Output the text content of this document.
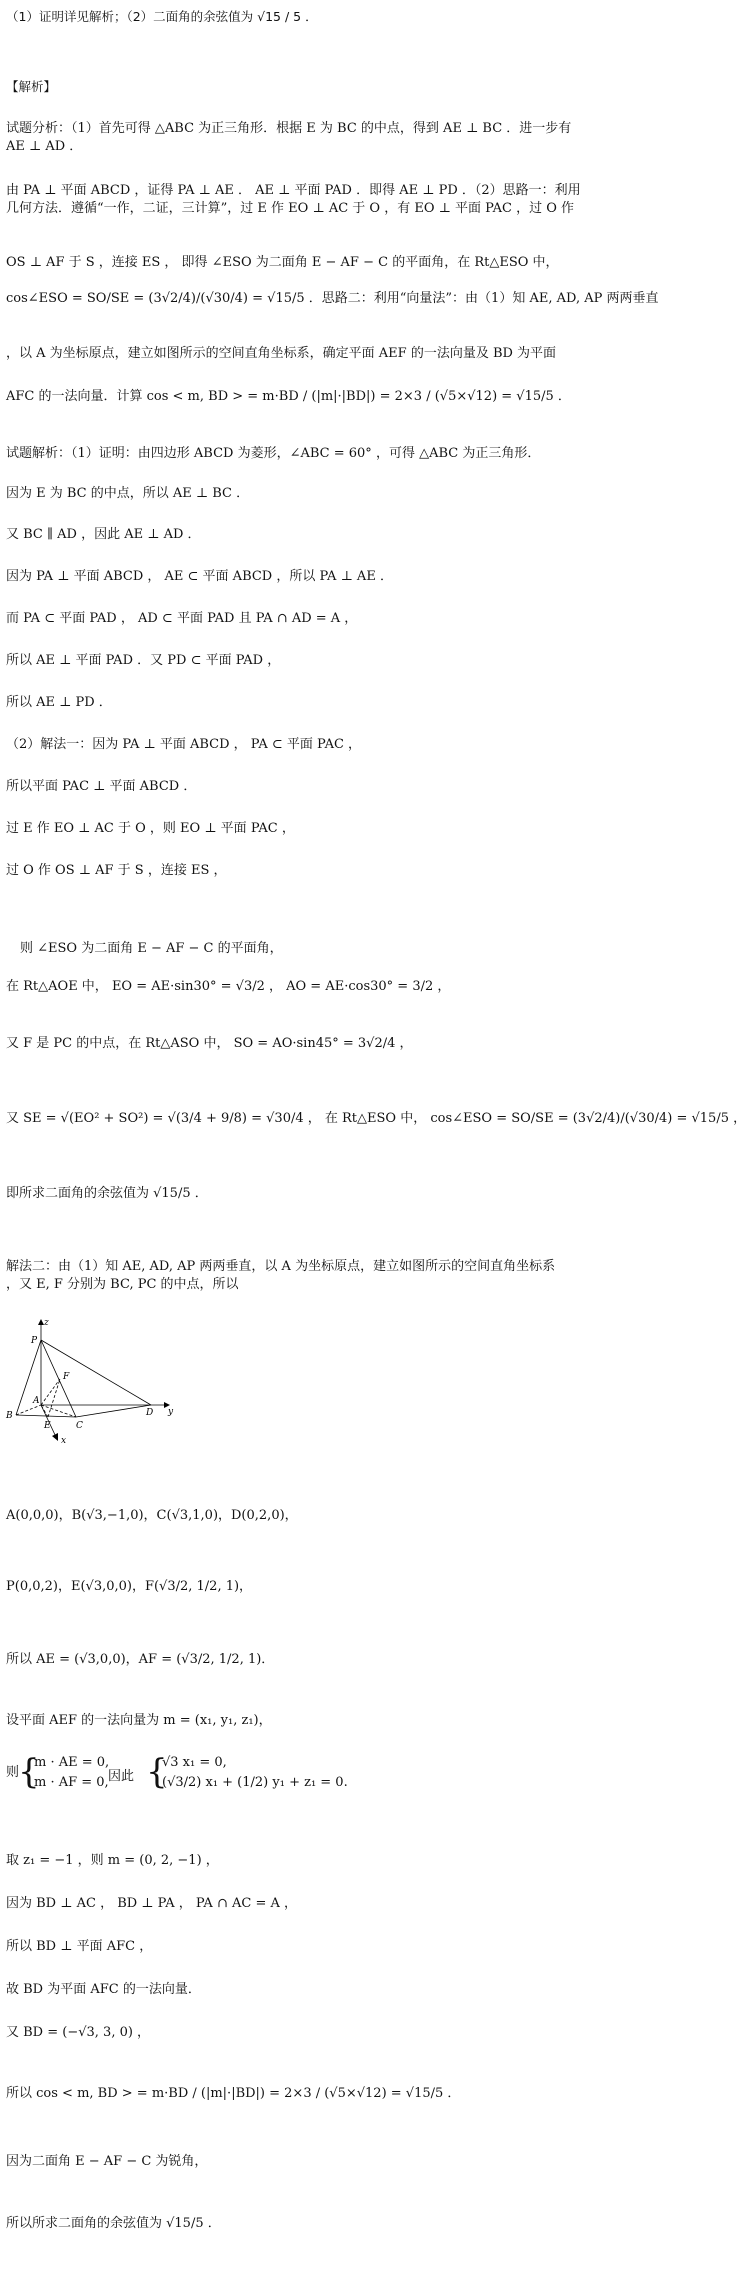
（1）证明详见解析；（2）二面角的余弦值为 √15 / 5 ．
【解析】
试题分析：（1）首先可得 △ABC 为正三角形．根据 E 为 BC 的中点，得到 AE ⊥ BC ．进一步有
AE ⊥ AD ．
由 PA ⊥ 平面 ABCD ，证得 PA ⊥ AE ． AE ⊥ 平面 PAD ．即得 AE ⊥ PD ．（2）思路一：利用
几何方法．遵循“一作，二证，三计算”，过 E 作 EO ⊥ AC 于 O ，有 EO ⊥ 平面 PAC ，过 O 作
OS ⊥ AF 于 S ，连接 ES ， 即得 ∠ESO 为二面角 E − AF − C 的平面角，在 Rt△ESO 中，
cos∠ESO = SO/SE = (3√2/4)/(√30/4) = √15/5 ．思路二：利用“向量法”：由（1）知 AE, AD, AP 两两垂直
，以 A 为坐标原点，建立如图所示的空间直角坐标系，确定平面 AEF 的一法向量及 BD 为平面
AFC 的一法向量．计算 cos < m, BD > = m·BD / (|m|·|BD|) = 2×3 / (√5×√12) = √15/5 ．
试题解析：（1）证明：由四边形 ABCD 为菱形，∠ABC = 60° ，可得 △ABC 为正三角形．
因为 E 为 BC 的中点，所以 AE ⊥ BC ．
又 BC ∥ AD ，因此 AE ⊥ AD ．
因为 PA ⊥ 平面 ABCD ， AE ⊂ 平面 ABCD ，所以 PA ⊥ AE ．
而 PA ⊂ 平面 PAD ， AD ⊂ 平面 PAD 且 PA ∩ AD = A ，
所以 AE ⊥ 平面 PAD ．又 PD ⊂ 平面 PAD ，
所以 AE ⊥ PD ．
（2）解法一：因为 PA ⊥ 平面 ABCD ， PA ⊂ 平面 PAC ，
所以平面 PAC ⊥ 平面 ABCD ．
过 E 作 EO ⊥ AC 于 O ，则 EO ⊥ 平面 PAC ，
过 O 作 OS ⊥ AF 于 S ，连接 ES ，
则 ∠ESO 为二面角 E − AF − C 的平面角，
在 Rt△AOE 中， EO = AE·sin30° = √3/2 ， AO = AE·cos30° = 3/2 ，
又 F 是 PC 的中点，在 Rt△ASO 中， SO = AO·sin45° = 3√2/4 ，
又 SE = √(EO² + SO²) = √(3/4 + 9/8) = √30/4 ， 在 Rt△ESO 中， cos∠ESO = SO/SE = (3√2/4)/(√30/4) = √15/5 ，
即所求二面角的余弦值为 √15/5 ．
解法二：由（1）知 AE, AD, AP 两两垂直，以 A 为坐标原点，建立如图所示的空间直角坐标系
，又 E, F 分别为 BC, PC 的中点，所以
z
P
F
A
B
E	C
D y
x
A(0,0,0)，B(√3,−1,0)，C(√3,1,0)，D(0,2,0)，
P(0,0,2)，E(√3,0,0)，F(√3/2, 1/2, 1)，
所以 AE = (√3,0,0)，AF = (√3/2, 1/2, 1)．
设平面 AEF 的一法向量为 m = (x₁, y₁, z₁)，
则
{
m · AE = 0,
m · AF = 0, 因此 {
√3 x₁ = 0,
(√3/2) x₁ + (1/2) y₁ + z₁ = 0.
取 z₁ = −1 ，则 m = (0, 2, −1) ，
因为 BD ⊥ AC ， BD ⊥ PA ， PA ∩ AC = A ，
所以 BD ⊥ 平面 AFC ，
故 BD 为平面 AFC 的一法向量．
又 BD = (−√3, 3, 0) ，
所以 cos < m, BD > = m·BD / (|m|·|BD|) = 2×3 / (√5×√12) = √15/5 ．
因为二面角 E − AF − C 为锐角，
所以所求二面角的余弦值为 √15/5 ．
